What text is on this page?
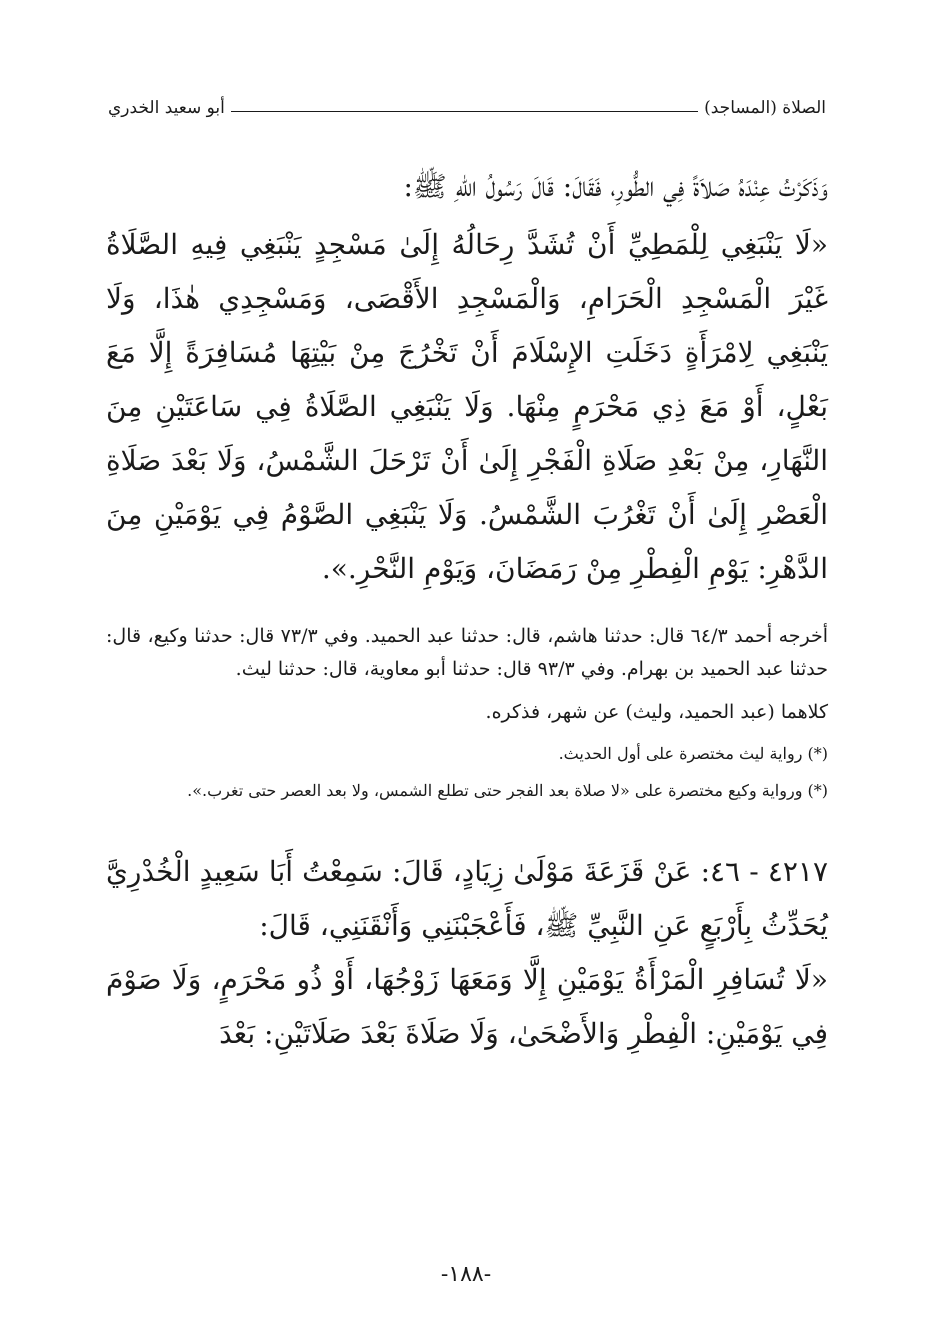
الصلاة (المساجد)
أبو سعيد الخدري

وَذَكَرْتُ عِنْدَهُ صَلاَةً فِي الطُّورِ، فَقَالَ: قَالَ رَسُولُ اللّهِ ﷺ:

«لَا يَنْبَغِي لِلْمَطِيِّ أَنْ تُشَدَّ رِحَالُهُ إِلَىٰ مَسْجِدٍ يَنْبَغِي فِيهِ الصَّلَاةُ غَيْرَ الْمَسْجِدِ الْحَرَامِ، وَالْمَسْجِدِ الأَقْصَى، وَمَسْجِدِي هٰذَا، وَلَا يَنْبَغِي لِامْرَأَةٍ دَخَلَتِ الإِسْلَامَ أَنْ تَخْرُجَ مِنْ بَيْتِهَا مُسَافِرَةً إِلَّا مَعَ بَعْلٍ، أَوْ مَعَ ذِي مَحْرَمٍ مِنْهَا. وَلَا يَنْبَغِي الصَّلَاةُ فِي سَاعَتَيْنِ مِنَ النَّهَارِ، مِنْ بَعْدِ صَلَاةِ الْفَجْرِ إِلَىٰ أَنْ تَرْحَلَ الشَّمْسُ، وَلَا بَعْدَ صَلَاةِ الْعَصْرِ إِلَىٰ أَنْ تَغْرُبَ الشَّمْسُ. وَلَا يَنْبَغِي الصَّوْمُ فِي يَوْمَيْنِ مِنَ الدَّهْرِ: يَوْمِ الْفِطْرِ مِنْ رَمَضَانَ، وَيَوْمِ النَّحْرِ.».

أخرجه أحمد ٦٤/٣ قال: حدثنا هاشم، قال: حدثنا عبد الحميد. وفي ٧٣/٣ قال: حدثنا وكيع، قال: حدثنا عبد الحميد بن بهرام. وفي ٩٣/٣ قال: حدثنا أبو معاوية، قال: حدثنا ليث.

كلاهما (عبد الحميد، وليث) عن شهر، فذكره.

(*) رواية ليث مختصرة على أول الحديث.

(*) ورواية وكيع مختصرة على «لا صلاة بعد الفجر حتى تطلع الشمس، ولا بعد العصر حتى تغرب.».

٤٢١٧ - ٤٦: عَنْ قَزَعَةَ مَوْلَىٰ زِيَادٍ، قَالَ: سَمِعْتُ أَبَا سَعِيدٍ الْخُدْرِيَّ يُحَدِّثُ بِأَرْبَعٍ عَنِ النَّبِيِّ ﷺ، فَأَعْجَبْنَنِي وَأَنْقَنَنِي، قَالَ:

«لَا تُسَافِرِ الْمَرْأَةُ يَوْمَيْنِ إِلَّا وَمَعَهَا زَوْجُهَا، أَوْ ذُو مَحْرَمٍ، وَلَا صَوْمَ فِي يَوْمَيْنِ: الْفِطْرِ وَالأَضْحَىٰ، وَلَا صَلَاةَ بَعْدَ صَلَاتَيْنِ: بَعْدَ

-١٨٨-
